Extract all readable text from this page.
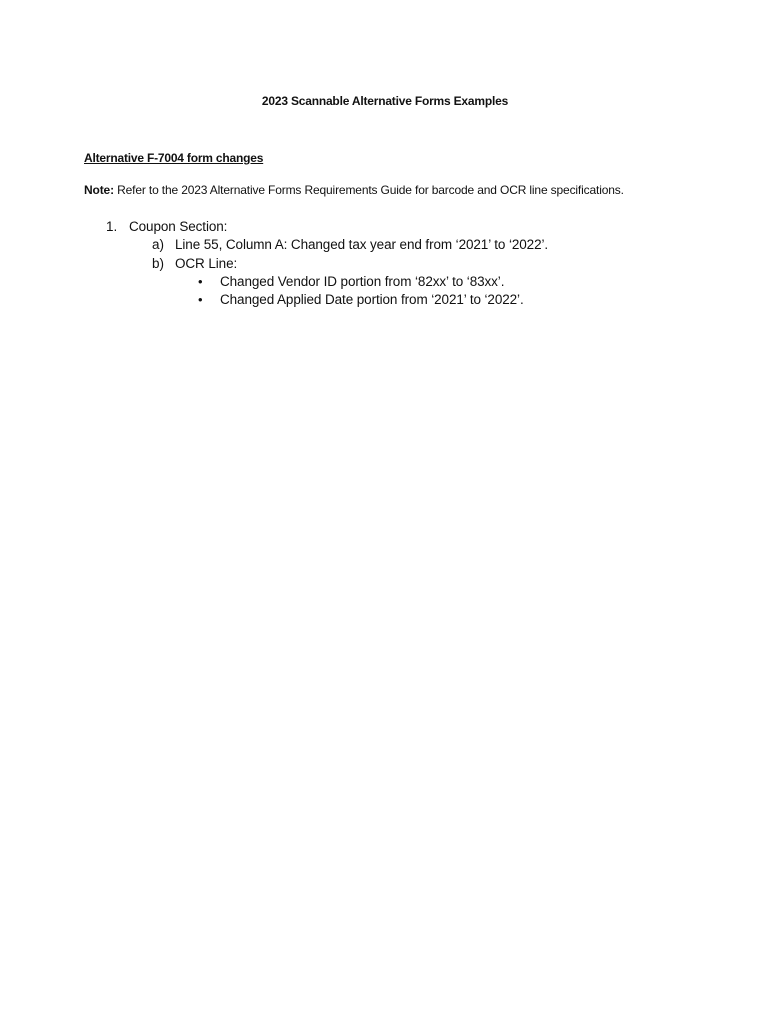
2023 Scannable Alternative Forms Examples
Alternative F-7004 form changes
Note: Refer to the 2023 Alternative Forms Requirements Guide for barcode and OCR line specifications.
1. Coupon Section:
a) Line 55, Column A: Changed tax year end from ‘2021’ to ‘2022’.
b) OCR Line:
• Changed Vendor ID portion from ‘82xx’ to ‘83xx’.
• Changed Applied Date portion from ‘2021’ to ‘2022’.
